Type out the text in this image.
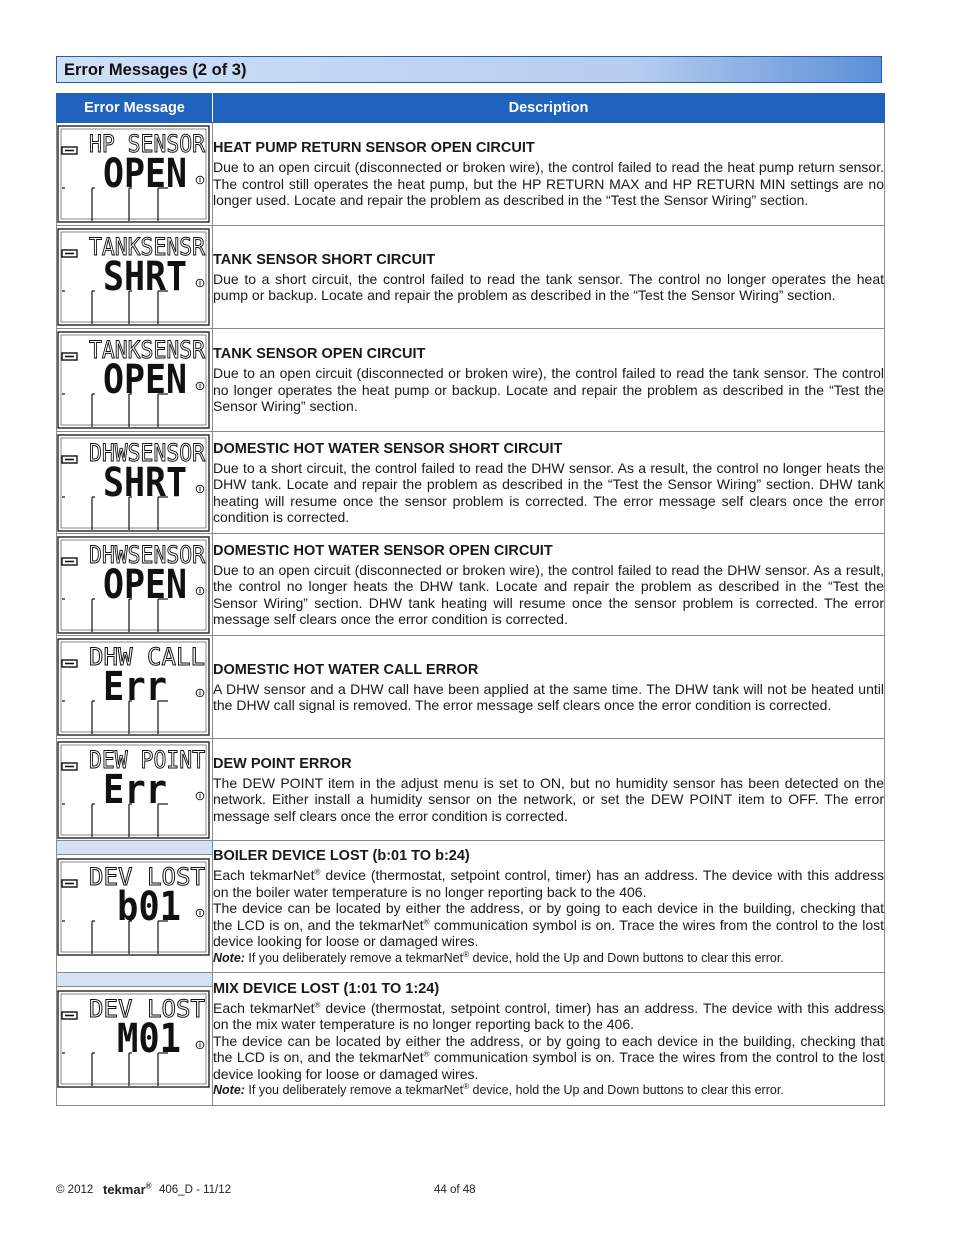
Error Messages (2 of 3)
Error Message	Description

HP SENSOR
OPEN	HEAT PUMP RETURN SENSOR OPEN CIRCUIT
Due to an open circuit (disconnected or broken wire), the control failed to read the heat pump return sensor. The control still operates the heat pump, but the HP RETURN MAX and HP RETURN MIN settings are no longer used. Locate and repair the problem as described in the “Test the Sensor Wiring” section.

TANKSENSR
SHRT	TANK SENSOR SHORT CIRCUIT
Due to a short circuit, the control failed to read the tank sensor. The control no longer operates the heat pump or backup. Locate and repair the problem as described in the “Test the Sensor Wiring” section.

TANKSENSR
OPEN	TANK SENSOR OPEN CIRCUIT
Due to an open circuit (disconnected or broken wire), the control failed to read the tank sensor. The control no longer operates the heat pump or backup. Locate and repair the problem as described in the “Test the Sensor Wiring” section.

DHWSENSOR
SHRT	DOMESTIC HOT WATER SENSOR SHORT CIRCUIT
Due to a short circuit, the control failed to read the DHW sensor. As a result, the control no longer heats the DHW tank. Locate and repair the problem as described in the “Test the Sensor Wiring” section. DHW tank heating will resume once the sensor problem is corrected. The error message self clears once the error condition is corrected.

DHWSENSOR
OPEN	DOMESTIC HOT WATER SENSOR OPEN CIRCUIT
Due to an open circuit (disconnected or broken wire), the control failed to read the DHW sensor. As a result, the control no longer heats the DHW tank. Locate and repair the problem as described in the “Test the Sensor Wiring” section. DHW tank heating will resume once the sensor problem is corrected. The error message self clears once the error condition is corrected.

DHW CALL
Err	DOMESTIC HOT WATER CALL ERROR
A DHW sensor and a DHW call have been applied at the same time. The DHW tank will not be heated until the DHW call signal is removed. The error message self clears once the error condition is corrected.

DEW POINT
Err	DEW POINT ERROR
The DEW POINT item in the adjust menu is set to ON, but no humidity sensor has been detected on the network. Either install a humidity sensor on the network, or set the DEW POINT item to OFF. The error message self clears once the error condition is corrected.

DEV LOST
b01	BOILER DEVICE LOST (b:01 TO b:24)
Each tekmarNet® device (thermostat, setpoint control, timer) has an address. The device with this address on the boiler water temperature is no longer reporting back to the 406.
The device can be located by either the address, or by going to each device in the building, checking that the LCD is on, and the tekmarNet® communication symbol is on. Trace the wires from the control to the lost device looking for loose or damaged wires.
Note: If you deliberately remove a tekmarNet® device, hold the Up and Down buttons to clear this error.

DEV LOST
M01	MIX DEVICE LOST (1:01 TO 1:24)
Each tekmarNet® device (thermostat, setpoint control, timer) has an address. The device with this address on the mix water temperature is no longer reporting back to the 406.
The device can be located by either the address, or by going to each device in the building, checking that the LCD is on, and the tekmarNet® communication symbol is on. Trace the wires from the control to the lost device looking for loose or damaged wires.
Note: If you deliberately remove a tekmarNet® device, hold the Up and Down buttons to clear this error.
© 2012 tekmar® 406_D - 11/12	44 of 48
